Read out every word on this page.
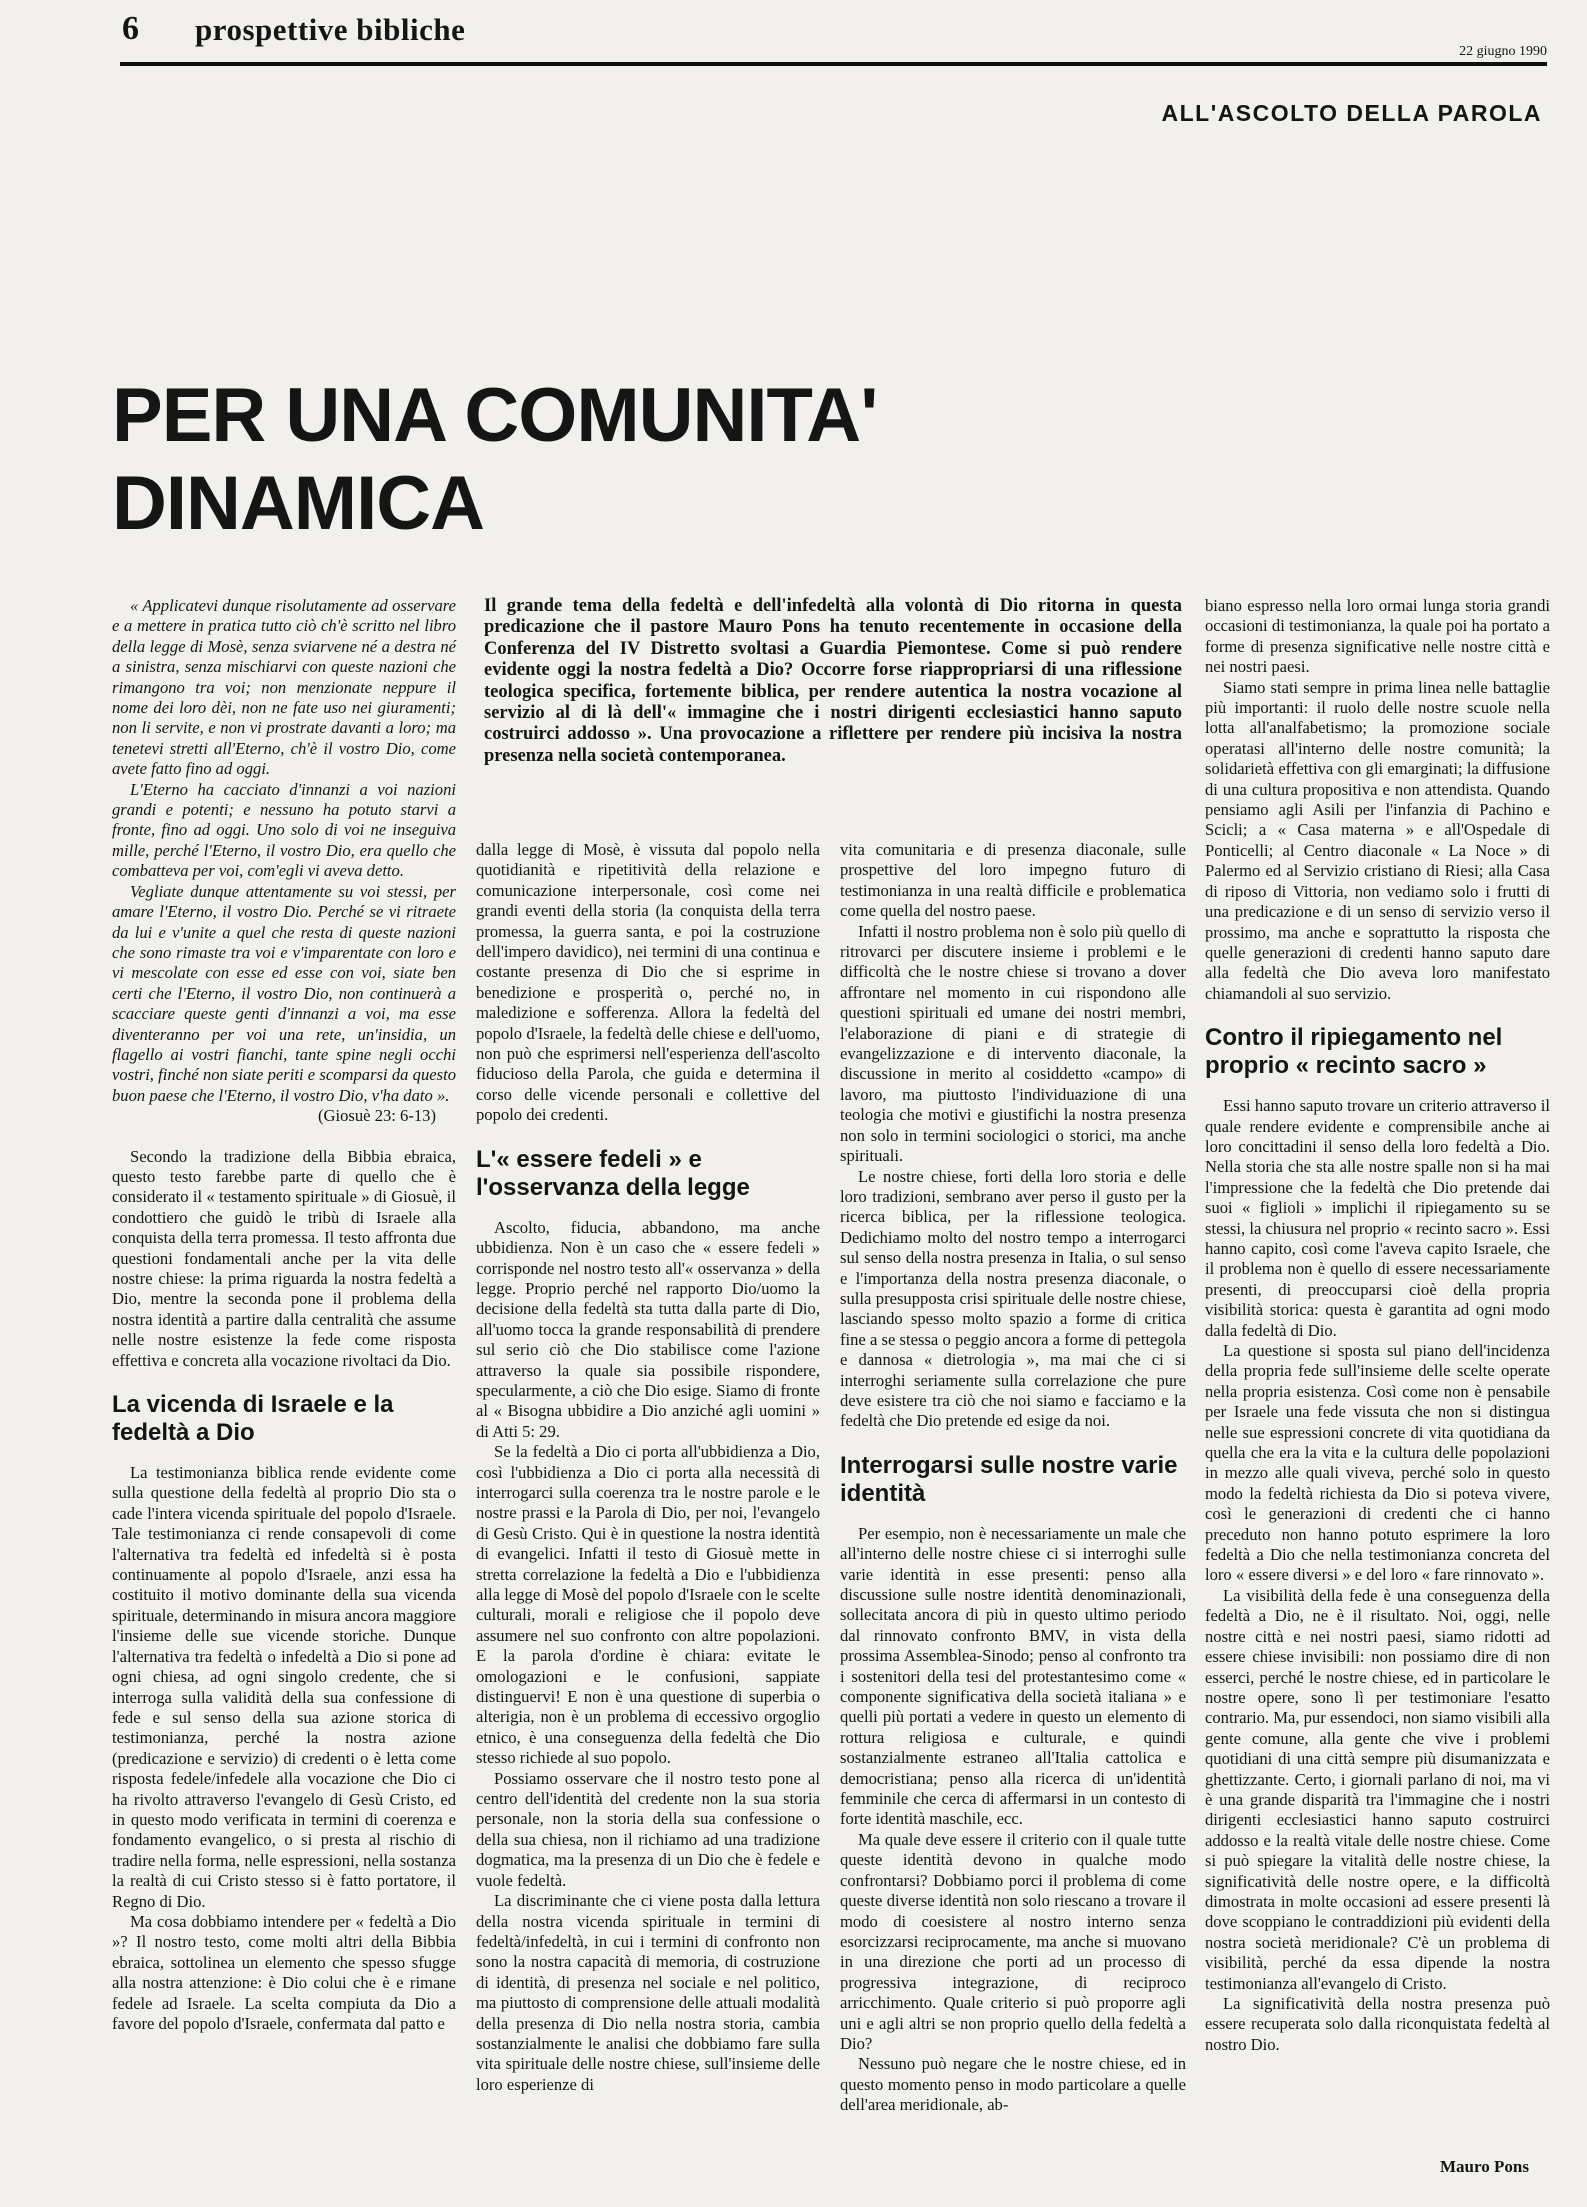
6 prospettive bibliche
22 giugno 1990
ALL'ASCOLTO DELLA PAROLA
PER UNA COMUNITA'
DINAMICA
Il grande tema della fedeltà e dell'infedeltà alla volontà di Dio ritorna in questa predicazione che il pastore Mauro Pons ha tenuto recentemente in occasione della Conferenza del IV Distretto svoltasi a Guardia Piemontese. Come si può rendere evidente oggi la nostra fedeltà a Dio? Occorre forse riappropriarsi di una riflessione teologica specifica, fortemente biblica, per rendere autentica la nostra vocazione al servizio al di là dell'« immagine che i nostri dirigenti ecclesiastici hanno saputo costruirci addosso ». Una provocazione a riflettere per rendere più incisiva la nostra presenza nella società contemporanea.

« Applicatevi dunque risolutamente ad osservare e a mettere in pratica tutto ciò ch'è scritto nel libro della legge di Mosè, senza sviarvene né a destra né a sinistra, senza mischiarvi con queste nazioni che rimangono tra voi; non menzionate neppure il nome dei loro dèi, non ne fate uso nei giuramenti; non li servite, e non vi prostrate davanti a loro; ma tenetevi stretti all'Eterno, ch'è il vostro Dio, come avete fatto fino ad oggi.

L'Eterno ha cacciato d'innanzi a voi nazioni grandi e potenti; e nessuno ha potuto starvi a fronte, fino ad oggi. Uno solo di voi ne inseguiva mille, perché l'Eterno, il vostro Dio, era quello che combatteva per voi, com'egli vi aveva detto.

Vegliate dunque attentamente su voi stessi, per amare l'Eterno, il vostro Dio. Perché se vi ritraete da lui e v'unite a quel che resta di queste nazioni che sono rimaste tra voi e v'imparentate con loro e vi mescolate con esse ed esse con voi, siate ben certi che l'Eterno, il vostro Dio, non continuerà a scacciare queste genti d'innanzi a voi, ma esse diventeranno per voi una rete, un'insidia, un flagello ai vostri fianchi, tante spine negli occhi vostri, finché non siate periti e scomparsi da questo buon paese che l'Eterno, il vostro Dio, v'ha dato ».

(Giosuè 23: 6-13)

Secondo la tradizione della Bibbia ebraica, questo testo farebbe parte di quello che è considerato il « testamento spirituale » di Giosuè, il condottiero che guidò le tribù di Israele alla conquista della terra promessa. Il testo affronta due questioni fondamentali anche per la vita delle nostre chiese: la prima riguarda la nostra fedeltà a Dio, mentre la seconda pone il problema della nostra identità a partire dalla centralità che assume nelle nostre esistenze la fede come risposta effettiva e concreta alla vocazione rivoltaci da Dio.

La vicenda di Israele e la fedeltà a Dio

La testimonianza biblica rende evidente come sulla questione della fedeltà al proprio Dio sta o cade l'intera vicenda spirituale del popolo d'Israele. Tale testimonianza ci rende consapevoli di come l'alternativa tra fedeltà ed infedeltà si è posta continuamente al popolo d'Israele, anzi essa ha costituito il motivo dominante della sua vicenda spirituale, determinando in misura ancora maggiore l'insieme delle sue vicende storiche. Dunque l'alternativa tra fedeltà o infedeltà a Dio si pone ad ogni chiesa, ad ogni singolo credente, che si interroga sulla validità della sua confessione di fede e sul senso della sua azione storica di testimonianza, perché la nostra azione (predicazione e servizio) di credenti o è letta come risposta fedele/infedele alla vocazione che Dio ci ha rivolto attraverso l'evangelo di Gesù Cristo, ed in questo modo verificata in termini di coerenza e fondamento evangelico, o si presta al rischio di tradire nella forma, nelle espressioni, nella sostanza la realtà di cui Cristo stesso si è fatto portatore, il Regno di Dio.

Ma cosa dobbiamo intendere per « fedeltà a Dio »? Il nostro testo, come molti altri della Bibbia ebraica, sottolinea un elemento che spesso sfugge alla nostra attenzione: è Dio colui che è e rimane fedele ad Israele. La scelta compiuta da Dio a favore del popolo d'Israele, confermata dal patto e

dalla legge di Mosè, è vissuta dal popolo nella quotidianità e ripetitività della relazione e comunicazione interpersonale, così come nei grandi eventi della storia (la conquista della terra promessa, la guerra santa, e poi la costruzione dell'impero davidico), nei termini di una continua e costante presenza di Dio che si esprime in benedizione e prosperità o, perché no, in maledizione e sofferenza. Allora la fedeltà del popolo d'Israele, la fedeltà delle chiese e dell'uomo, non può che esprimersi nell'esperienza dell'ascolto fiducioso della Parola, che guida e determina il corso delle vicende personali e collettive del popolo dei credenti.

L'« essere fedeli » e l'osservanza della legge

Ascolto, fiducia, abbandono, ma anche ubbidienza. Non è un caso che « essere fedeli » corrisponde nel nostro testo all'« osservanza » della legge. Proprio perché nel rapporto Dio/uomo la decisione della fedeltà sta tutta dalla parte di Dio, all'uomo tocca la grande responsabilità di prendere sul serio ciò che Dio stabilisce come l'azione attraverso la quale sia possibile rispondere, specularmente, a ciò che Dio esige. Siamo di fronte al « Bisogna ubbidire a Dio anziché agli uomini » di Atti 5: 29.

Se la fedeltà a Dio ci porta all'ubbidienza a Dio, così l'ubbidienza a Dio ci porta alla necessità di interrogarci sulla coerenza tra le nostre parole e le nostre prassi e la Parola di Dio, per noi, l'evangelo di Gesù Cristo. Qui è in questione la nostra identità di evangelici. Infatti il testo di Giosuè mette in stretta correlazione la fedeltà a Dio e l'ubbidienza alla legge di Mosè del popolo d'Israele con le scelte culturali, morali e religiose che il popolo deve assumere nel suo confronto con altre popolazioni. E la parola d'ordine è chiara: evitate le omologazioni e le confusioni, sappiate distinguervi! E non è una questione di superbia o alterigia, non è un problema di eccessivo orgoglio etnico, è una conseguenza della fedeltà che Dio stesso richiede al suo popolo.

Possiamo osservare che il nostro testo pone al centro dell'identità del credente non la sua storia personale, non la storia della sua confessione o della sua chiesa, non il richiamo ad una tradizione dogmatica, ma la presenza di un Dio che è fedele e vuole fedeltà.

La discriminante che ci viene posta dalla lettura della nostra vicenda spirituale in termini di fedeltà/infedeltà, in cui i termini di confronto non sono la nostra capacità di memoria, di costruzione di identità, di presenza nel sociale e nel politico, ma piuttosto di comprensione delle attuali modalità della presenza di Dio nella nostra storia, cambia sostanzialmente le analisi che dobbiamo fare sulla vita spirituale delle nostre chiese, sull'insieme delle loro esperienze di

vita comunitaria e di presenza diaconale, sulle prospettive del loro impegno futuro di testimonianza in una realtà difficile e problematica come quella del nostro paese.

Infatti il nostro problema non è solo più quello di ritrovarci per discutere insieme i problemi e le difficoltà che le nostre chiese si trovano a dover affrontare nel momento in cui rispondono alle questioni spirituali ed umane dei nostri membri, l'elaborazione di piani e di strategie di evangelizzazione e di intervento diaconale, la discussione in merito al cosiddetto «campo» di lavoro, ma piuttosto l'individuazione di una teologia che motivi e giustifichi la nostra presenza non solo in termini sociologici o storici, ma anche spirituali.

Le nostre chiese, forti della loro storia e delle loro tradizioni, sembrano aver perso il gusto per la ricerca biblica, per la riflessione teologica. Dedichiamo molto del nostro tempo a interrogarci sul senso della nostra presenza in Italia, o sul senso e l'importanza della nostra presenza diaconale, o sulla presupposta crisi spirituale delle nostre chiese, lasciando spesso molto spazio a forme di critica fine a se stessa o peggio ancora a forme di pettegola e dannosa « dietrologia », ma mai che ci si interroghi seriamente sulla correlazione che pure deve esistere tra ciò che noi siamo e facciamo e la fedeltà che Dio pretende ed esige da noi.

Interrogarsi sulle nostre varie identità

Per esempio, non è necessariamente un male che all'interno delle nostre chiese ci si interroghi sulle varie identità in esse presenti: penso alla discussione sulle nostre identità denominazionali, sollecitata ancora di più in questo ultimo periodo dal rinnovato confronto BMV, in vista della prossima Assemblea-Sinodo; penso al confronto tra i sostenitori della tesi del protestantesimo come « componente significativa della società italiana » e quelli più portati a vedere in questo un elemento di rottura religiosa e culturale, e quindi sostanzialmente estraneo all'Italia cattolica e democristiana; penso alla ricerca di un'identità femminile che cerca di affermarsi in un contesto di forte identità maschile, ecc.

Ma quale deve essere il criterio con il quale tutte queste identità devono in qualche modo confrontarsi? Dobbiamo porci il problema di come queste diverse identità non solo riescano a trovare il modo di coesistere al nostro interno senza esorcizzarsi reciprocamente, ma anche si muovano in una direzione che porti ad un processo di progressiva integrazione, di reciproco arricchimento. Quale criterio si può proporre agli uni e agli altri se non proprio quello della fedeltà a Dio?

Nessuno può negare che le nostre chiese, ed in questo momento penso in modo particolare a quelle dell'area meridionale, ab-

biano espresso nella loro ormai lunga storia grandi occasioni di testimonianza, la quale poi ha portato a forme di presenza significative nelle nostre città e nei nostri paesi.

Siamo stati sempre in prima linea nelle battaglie più importanti: il ruolo delle nostre scuole nella lotta all'analfabetismo; la promozione sociale operatasi all'interno delle nostre comunità; la solidarietà effettiva con gli emarginati; la diffusione di una cultura propositiva e non attendista. Quando pensiamo agli Asili per l'infanzia di Pachino e Scicli; a « Casa materna » e all'Ospedale di Ponticelli; al Centro diaconale « La Noce » di Palermo ed al Servizio cristiano di Riesi; alla Casa di riposo di Vittoria, non vediamo solo i frutti di una predicazione e di un senso di servizio verso il prossimo, ma anche e soprattutto la risposta che quelle generazioni di credenti hanno saputo dare alla fedeltà che Dio aveva loro manifestato chiamandoli al suo servizio.

Contro il ripiegamento nel proprio « recinto sacro »

Essi hanno saputo trovare un criterio attraverso il quale rendere evidente e comprensibile anche ai loro concittadini il senso della loro fedeltà a Dio. Nella storia che sta alle nostre spalle non si ha mai l'impressione che la fedeltà che Dio pretende dai suoi « figlioli » implichi il ripiegamento su se stessi, la chiusura nel proprio « recinto sacro ». Essi hanno capito, così come l'aveva capito Israele, che il problema non è quello di essere necessariamente presenti, di preoccuparsi cioè della propria visibilità storica: questa è garantita ad ogni modo dalla fedeltà di Dio.

La questione si sposta sul piano dell'incidenza della propria fede sull'insieme delle scelte operate nella propria esistenza. Così come non è pensabile per Israele una fede vissuta che non si distingua nelle sue espressioni concrete di vita quotidiana da quella che era la vita e la cultura delle popolazioni in mezzo alle quali viveva, perché solo in questo modo la fedeltà richiesta da Dio si poteva vivere, così le generazioni di credenti che ci hanno preceduto non hanno potuto esprimere la loro fedeltà a Dio che nella testimonianza concreta del loro « essere diversi » e del loro « fare rinnovato ».

La visibilità della fede è una conseguenza della fedeltà a Dio, ne è il risultato. Noi, oggi, nelle nostre città e nei nostri paesi, siamo ridotti ad essere chiese invisibili: non possiamo dire di non esserci, perché le nostre chiese, ed in particolare le nostre opere, sono lì per testimoniare l'esatto contrario. Ma, pur essendoci, non siamo visibili alla gente comune, alla gente che vive i problemi quotidiani di una città sempre più disumanizzata e ghettizzante. Certo, i giornali parlano di noi, ma vi è una grande disparità tra l'immagine che i nostri dirigenti ecclesiastici hanno saputo costruirci addosso e la realtà vitale delle nostre chiese. Come si può spiegare la vitalità delle nostre chiese, la significatività delle nostre opere, e la difficoltà dimostrata in molte occasioni ad essere presenti là dove scoppiano le contraddizioni più evidenti della nostra società meridionale? C'è un problema di visibilità, perché da essa dipende la nostra testimonianza all'evangelo di Cristo.

La significatività della nostra presenza può essere recuperata solo dalla riconquistata fedeltà al nostro Dio.

Mauro Pons
